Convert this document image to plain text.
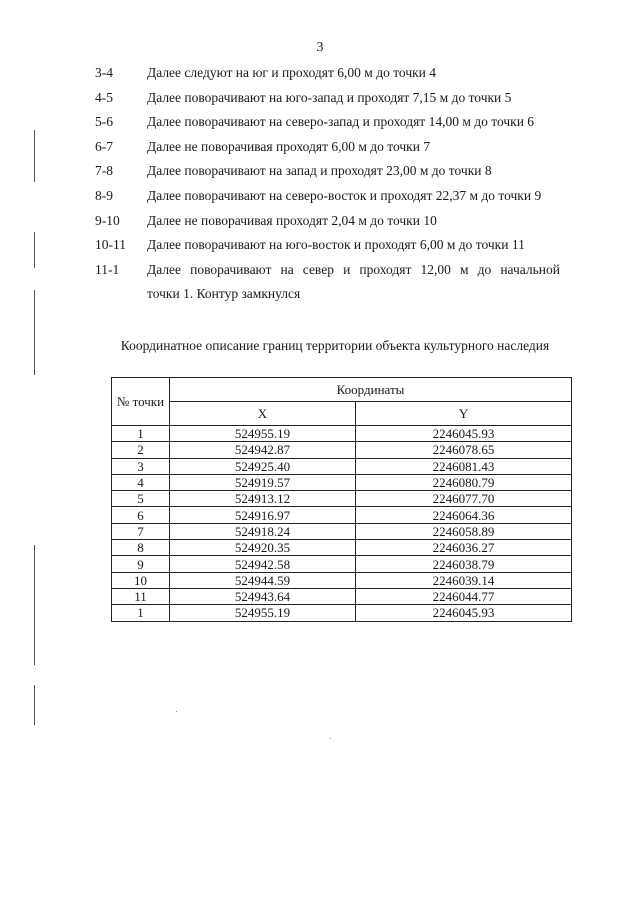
3
3-4	Далее следуют на юг и проходят 6,00 м до точки 4
4-5	Далее поворачивают на юго-запад и проходят 7,15 м до точки 5
5-6	Далее поворачивают на северо-запад и проходят 14,00 м до точки 6
6-7	Далее не поворачивая проходят 6,00 м до точки 7
7-8	Далее поворачивают на запад и проходят 23,00 м до точки 8
8-9	Далее поворачивают на северо-восток и проходят 22,37 м до точки 9
9-10	Далее не поворачивая проходят 2,04 м до точки 10
10-11	Далее поворачивают на юго-восток и проходят 6,00 м до точки 11
11-1	Далее поворачивают на север и проходят 12,00 м до начальной
точки 1. Контур замкнулся
Координатное описание границ территории объекта культурного наследия
№ точки	Координаты	
	X	Y
1	524955.19	2246045.93
2	524942.87	2246078.65
3	524925.40	2246081.43
4	524919.57	2246080.79
5	524913.12	2246077.70
6	524916.97	2246064.36
7	524918.24	2246058.89
8	524920.35	2246036.27
9	524942.58	2246038.79
10	524944.59	2246039.14
11	524943.64	2246044.77
1	524955.19	2246045.93
